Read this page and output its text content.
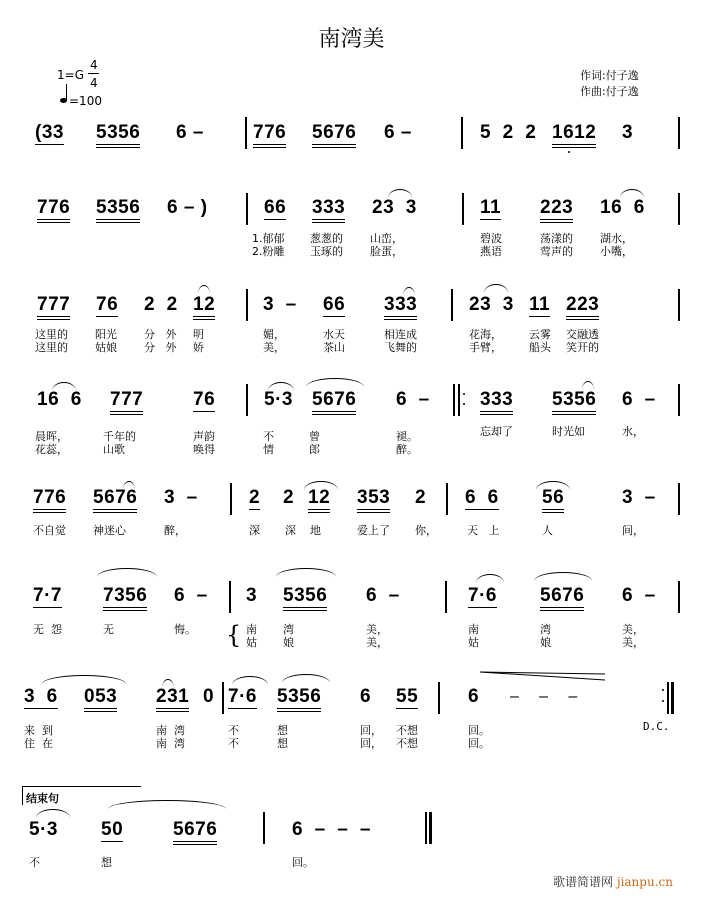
南湾美
1=G
4
4
=100
作词:付子逸
作曲:付子逸
(33 5356 6 –	776 5676 6 –	5  2  2 1612 3
776 5356 6 – )	66 333 23  3	11 223 16  6
1.郁郁 葱葱的 山峦，	碧波	荡漾的 湖水，
2.粉雕 玉琢的 脸蛋，	燕语	莺声的 小嘴，
777 76 2  2 12	3  – 66 333	23  3 11 223
这里的 阳光 分   外 明	媚，	水天	相连成	花海， 云雾 交融透
这里的 姑娘 分   外 娇	美，	茶山	飞舞的	手臂， 船头 笑开的
16  6 777	76	5·3 5676 6  –	333 5356 6  –
晨晖，	千年的	声韵	不	曾	褪。	忘却了	时光如	水，
花蕊，	山歌	唤得	情	郎	醉。
776 5676 3  –	2 2 12 353 2 6  6 56	3  –
不自觉 神迷心	醉，	深 深 地	爱上了 你，	天   上	人	间，
7·7 7356 6  – 3 5356 6  –	7·6 5676 6  –
无  怨	无	悔。 { 南 湾	美，	南	湾	美，
姑 娘	美，	姑	娘	美，
3  6 053 231 0 7·6 5356 6 55	6 –    –    –
来  到	南  湾	不	想	回， 不想	回。
住  在	南  湾	不	想	回， 不想	回。
D.C.
结束句
5·3 50	5676	6  –  –  –
不	想	回。
歌谱简谱网 jianpu.cn
